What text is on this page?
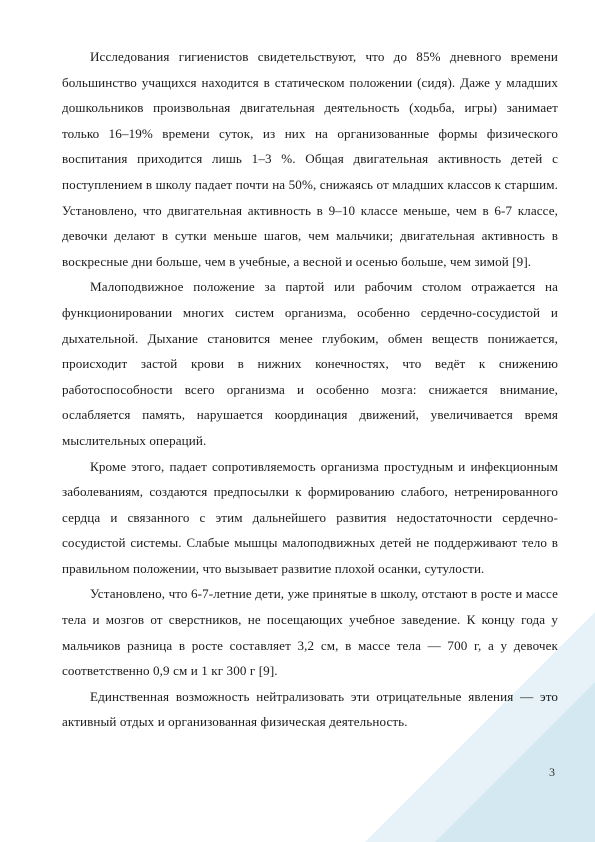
Исследования гигиенистов свидетельствуют, что до 85% дневного времени большинство учащихся находится в статическом положении (сидя). Даже у младших дошкольников произвольная двигательная деятельность (ходьба, игры) занимает только 16–19% времени суток, из них на организованные формы физического воспитания приходится лишь 1–3 %. Общая двигательная активность детей с поступлением в школу падает почти на 50%, снижаясь от младших классов к старшим. Установлено, что двигательная активность в 9–10 классе меньше, чем в 6-7 классе, девочки делают в сутки меньше шагов, чем мальчики; двигательная активность в воскресные дни больше, чем в учебные, а весной и осенью больше, чем зимой [9].

Малоподвижное положение за партой или рабочим столом отражается на функционировании многих систем организма, особенно сердечно-сосудистой и дыхательной. Дыхание становится менее глубоким, обмен веществ понижается, происходит застой крови в нижних конечностях, что ведёт к снижению работоспособности всего организма и особенно мозга: снижается внимание, ослабляется память, нарушается координация движений, увеличивается время мыслительных операций.

Кроме этого, падает сопротивляемость организма простудным и инфекционным заболеваниям, создаются предпосылки к формированию слабого, нетренированного сердца и связанного с этим дальнейшего развития недостаточности сердечно-сосудистой системы. Слабые мышцы малоподвижных детей не поддерживают тело в правильном положении, что вызывает развитие плохой осанки, сутулости.

Установлено, что 6-7-летние дети, уже принятые в школу, отстают в росте и массе тела и мозгов от сверстников, не посещающих учебное заведение. К концу года у мальчиков разница в росте составляет 3,2 см, в массе тела — 700 г, а у девочек соответственно 0,9 см и 1 кг 300 г [9].

Единственная возможность нейтрализовать эти отрицательные явления — это активный отдых и организованная физическая деятельность.

3
